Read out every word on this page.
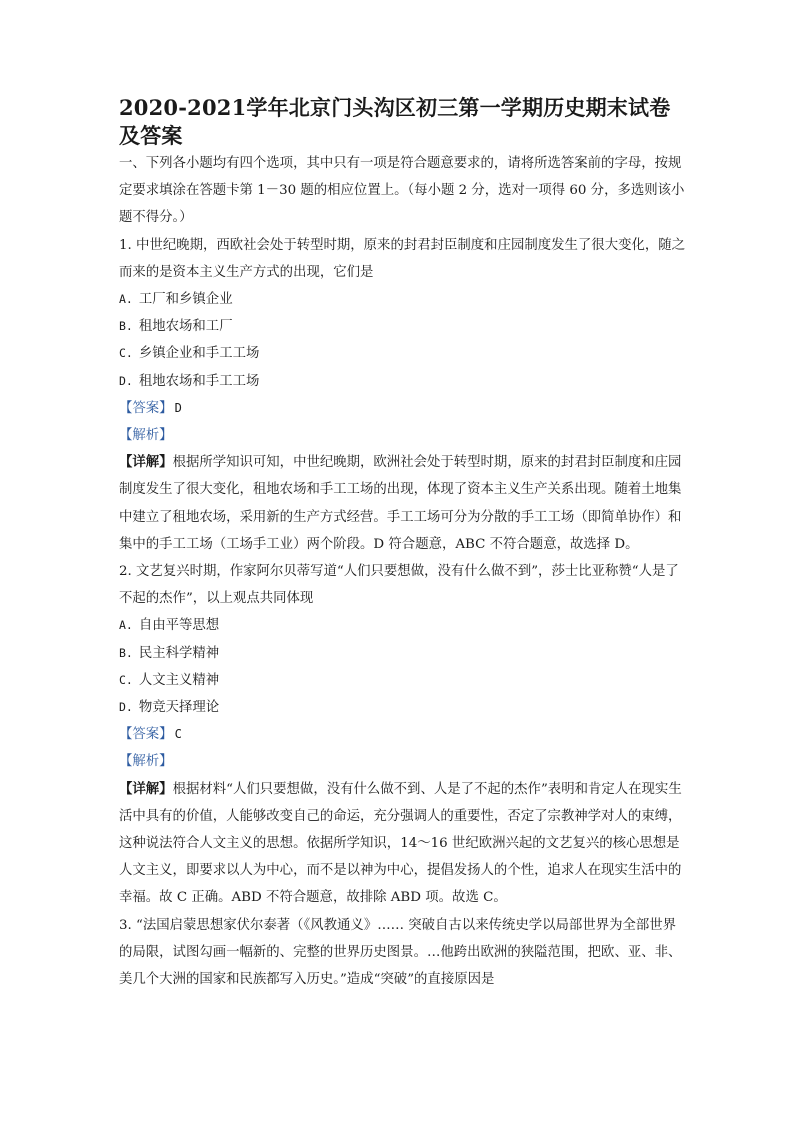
2020-2021学年北京门头沟区初三第一学期历史期末试卷及答案

一、下列各小题均有四个选项，其中只有一项是符合题意要求的，请将所选答案前的字母，按规定要求填涂在答题卡第 1－30 题的相应位置上。（每小题 2 分，选对一项得 60 分，多选则该小题不得分。）

1. 中世纪晚期，西欧社会处于转型时期，原来的封君封臣制度和庄园制度发生了很大变化，随之而来的是资本主义生产方式的出现，它们是

A. 工厂和乡镇企业

B. 租地农场和工厂

C. 乡镇企业和手工工场

D. 租地农场和手工工场

【答案】 D

【解析】

【详解】根据所学知识可知，中世纪晚期，欧洲社会处于转型时期，原来的封君封臣制度和庄园制度发生了很大变化，租地农场和手工工场的出现，体现了资本主义生产关系出现。随着土地集中建立了租地农场，采用新的生产方式经营。手工工场可分为分散的手工工场（即简单协作）和集中的手工工场（工场手工业）两个阶段。D 符合题意，ABC 不符合题意，故选择 D。

2. 文艺复兴时期，作家阿尔贝蒂写道“人们只要想做，没有什么做不到”，莎士比亚称赞“人是了不起的杰作”，以上观点共同体现

A. 自由平等思想

B. 民主科学精神

C. 人文主义精神

D. 物竞天择理论

【答案】 C

【解析】

【详解】根据材料“人们只要想做，没有什么做不到、人是了不起的杰作”表明和肯定人在现实生活中具有的价值，人能够改变自己的命运，充分强调人的重要性，否定了宗教神学对人的束缚，这种说法符合人文主义的思想。依据所学知识，14～16 世纪欧洲兴起的文艺复兴的核心思想是人文主义，即要求以人为中心，而不是以神为中心，提倡发扬人的个性，追求人在现实生活中的幸福。故 C 正确。ABD 不符合题意，故排除 ABD 项。故选 C。

3. “法国启蒙思想家伏尔泰著（《风教通义》…… 突破自古以来传统史学以局部世界为全部世界的局限，试图勾画一幅新的、完整的世界历史图景。…他跨出欧洲的狭隘范围，把欧、亚、非、美几个大洲的国家和民族都写入历史。”造成“突破”的直接原因是
